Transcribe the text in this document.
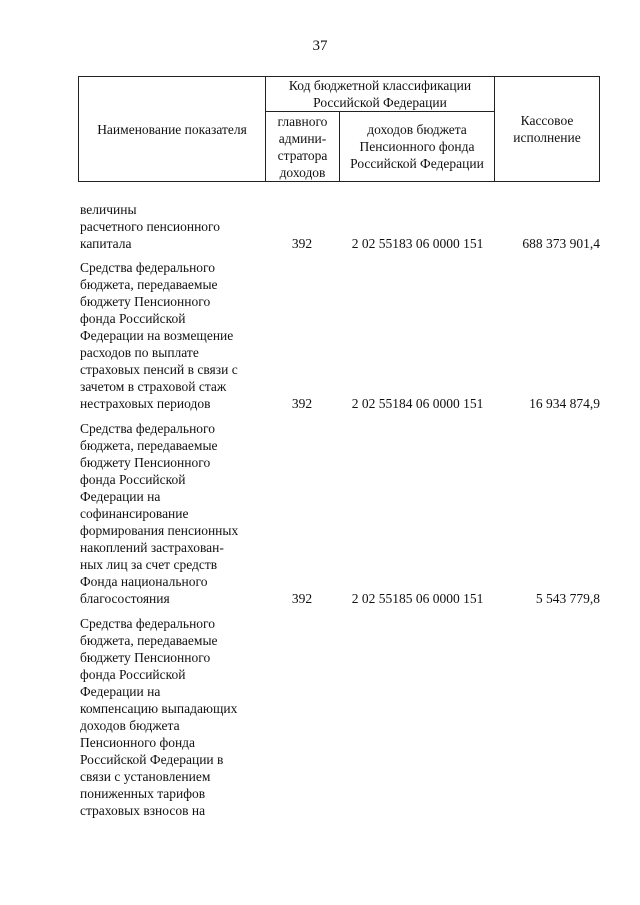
37
Наименование показателя
Код бюджетной классификации Российской Федерации
главного админи-стратора доходов
доходов бюджета Пенсионного фонда Российской Федерации
Кассовое исполнение
величины
расчетного пенсионного
капитала	392	2 02 55183 06 0000 151	688 373 901,4
Средства федерального
бюджета, передаваемые
бюджету Пенсионного
фонда Российской
Федерации на возмещение
расходов по выплате
страховых пенсий в связи с
зачетом в страховой стаж
нестраховых периодов	392	2 02 55184 06 0000 151	16 934 874,9
Средства федерального
бюджета, передаваемые
бюджету Пенсионного
фонда Российской
Федерации на
софинансирование
формирования пенсионных
накоплений застрахован-
ных лиц за счет средств
Фонда национального
благосостояния	392	2 02 55185 06 0000 151	5 543 779,8
Средства федерального
бюджета, передаваемые
бюджету Пенсионного
фонда Российской
Федерации на
компенсацию выпадающих
доходов бюджета
Пенсионного фонда
Российской Федерации в
связи с установлением
пониженных тарифов
страховых взносов на
